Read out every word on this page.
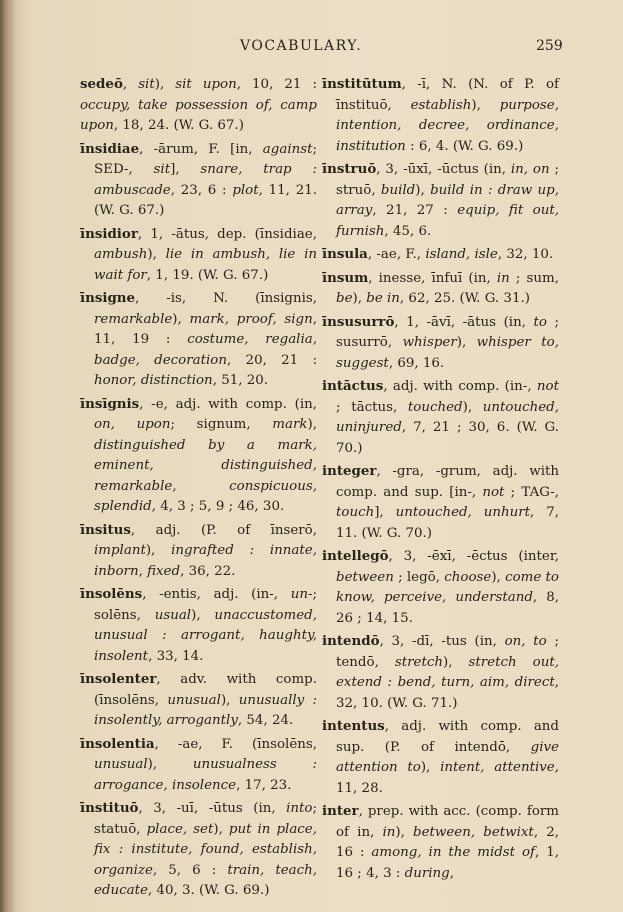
VOCABULARY.	259

sedeō, sit), sit upon, 10, 21 : occupy, take possession of, camp upon, 18, 24. (W. G. 67.)

īnsidiae, -ārum, F. [in, against; SED-, sit], snare, trap : ambuscade, 23, 6 : plot, 11, 21. (W. G. 67.)

īnsidior, 1, -ātus, dep. (īnsidiae, ambush), lie in ambush, lie in wait for, 1, 19. (W. G. 67.)

īnsigne, -is, N. (īnsignis, remarkable), mark, proof, sign, 11, 19 : costume, regalia, badge, decoration, 20, 21 : honor, distinction, 51, 20.

īnsīgnis, -e, adj. with comp. (in, on, upon; signum, mark), distinguished by a mark, eminent, distinguished, remarkable, conspicuous, splendid, 4, 3 ; 5, 9 ; 46, 30.

īnsitus, adj. (P. of īnserō, implant), ingrafted : innate, inborn, fixed, 36, 22.

īnsolēns, -entis, adj. (in-, un-; solēns, usual), unaccustomed, unusual : arrogant, haughty, insolent, 33, 14.

īnsolenter, adv. with comp. (īnsolēns, unusual), unusually : insolently, arrogantly, 54, 24.

īnsolentia, -ae, F. (īnsolēns, unusual), unusualness : arrogance, insolence, 17, 23.

īnstituō, 3, -uī, -ūtus (in, into; statuō, place, set), put in place, fix : institute, found, establish, organize, 5, 6 : train, teach, educate, 40, 3. (W. G. 69.)

īnstitūtum, -ī, N. (N. of P. of īnstituō, establish), purpose, intention, decree, ordinance, institution : 6, 4. (W. G. 69.)

īnstruō, 3, -ūxī, -ūctus (in, in, on ; struō, build), build in : draw up, array, 21, 27 : equip, fit out, furnish, 45, 6.

īnsula, -ae, F., island, isle, 32, 10.

īnsum, inesse, īnfuī (in, in ; sum, be), be in, 62, 25. (W. G. 31.)

īnsusurrō, 1, -āvī, -ātus (in, to ; susurrō, whisper), whisper to, suggest, 69, 16.

intāctus, adj. with comp. (in-, not ; tāctus, touched), untouched, uninjured, 7, 21 ; 30, 6. (W. G. 70.)

integer, -gra, -grum, adj. with comp. and sup. [in-, not ; TAG-, touch], untouched, unhurt, 7, 11. (W. G. 70.)

intellegō, 3, -ēxī, -ēctus (inter, between ; legō, choose), come to know, perceive, understand, 8, 26 ; 14, 15.

intendō, 3, -dī, -tus (in, on, to ; tendō, stretch), stretch out, extend : bend, turn, aim, direct, 32, 10. (W. G. 71.)

intentus, adj. with comp. and sup. (P. of intendō, give attention to), intent, attentive, 11, 28.

inter, prep. with acc. (comp. form of in, in), between, betwixt, 2, 16 : among, in the midst of, 1, 16 ; 4, 3 : during,
